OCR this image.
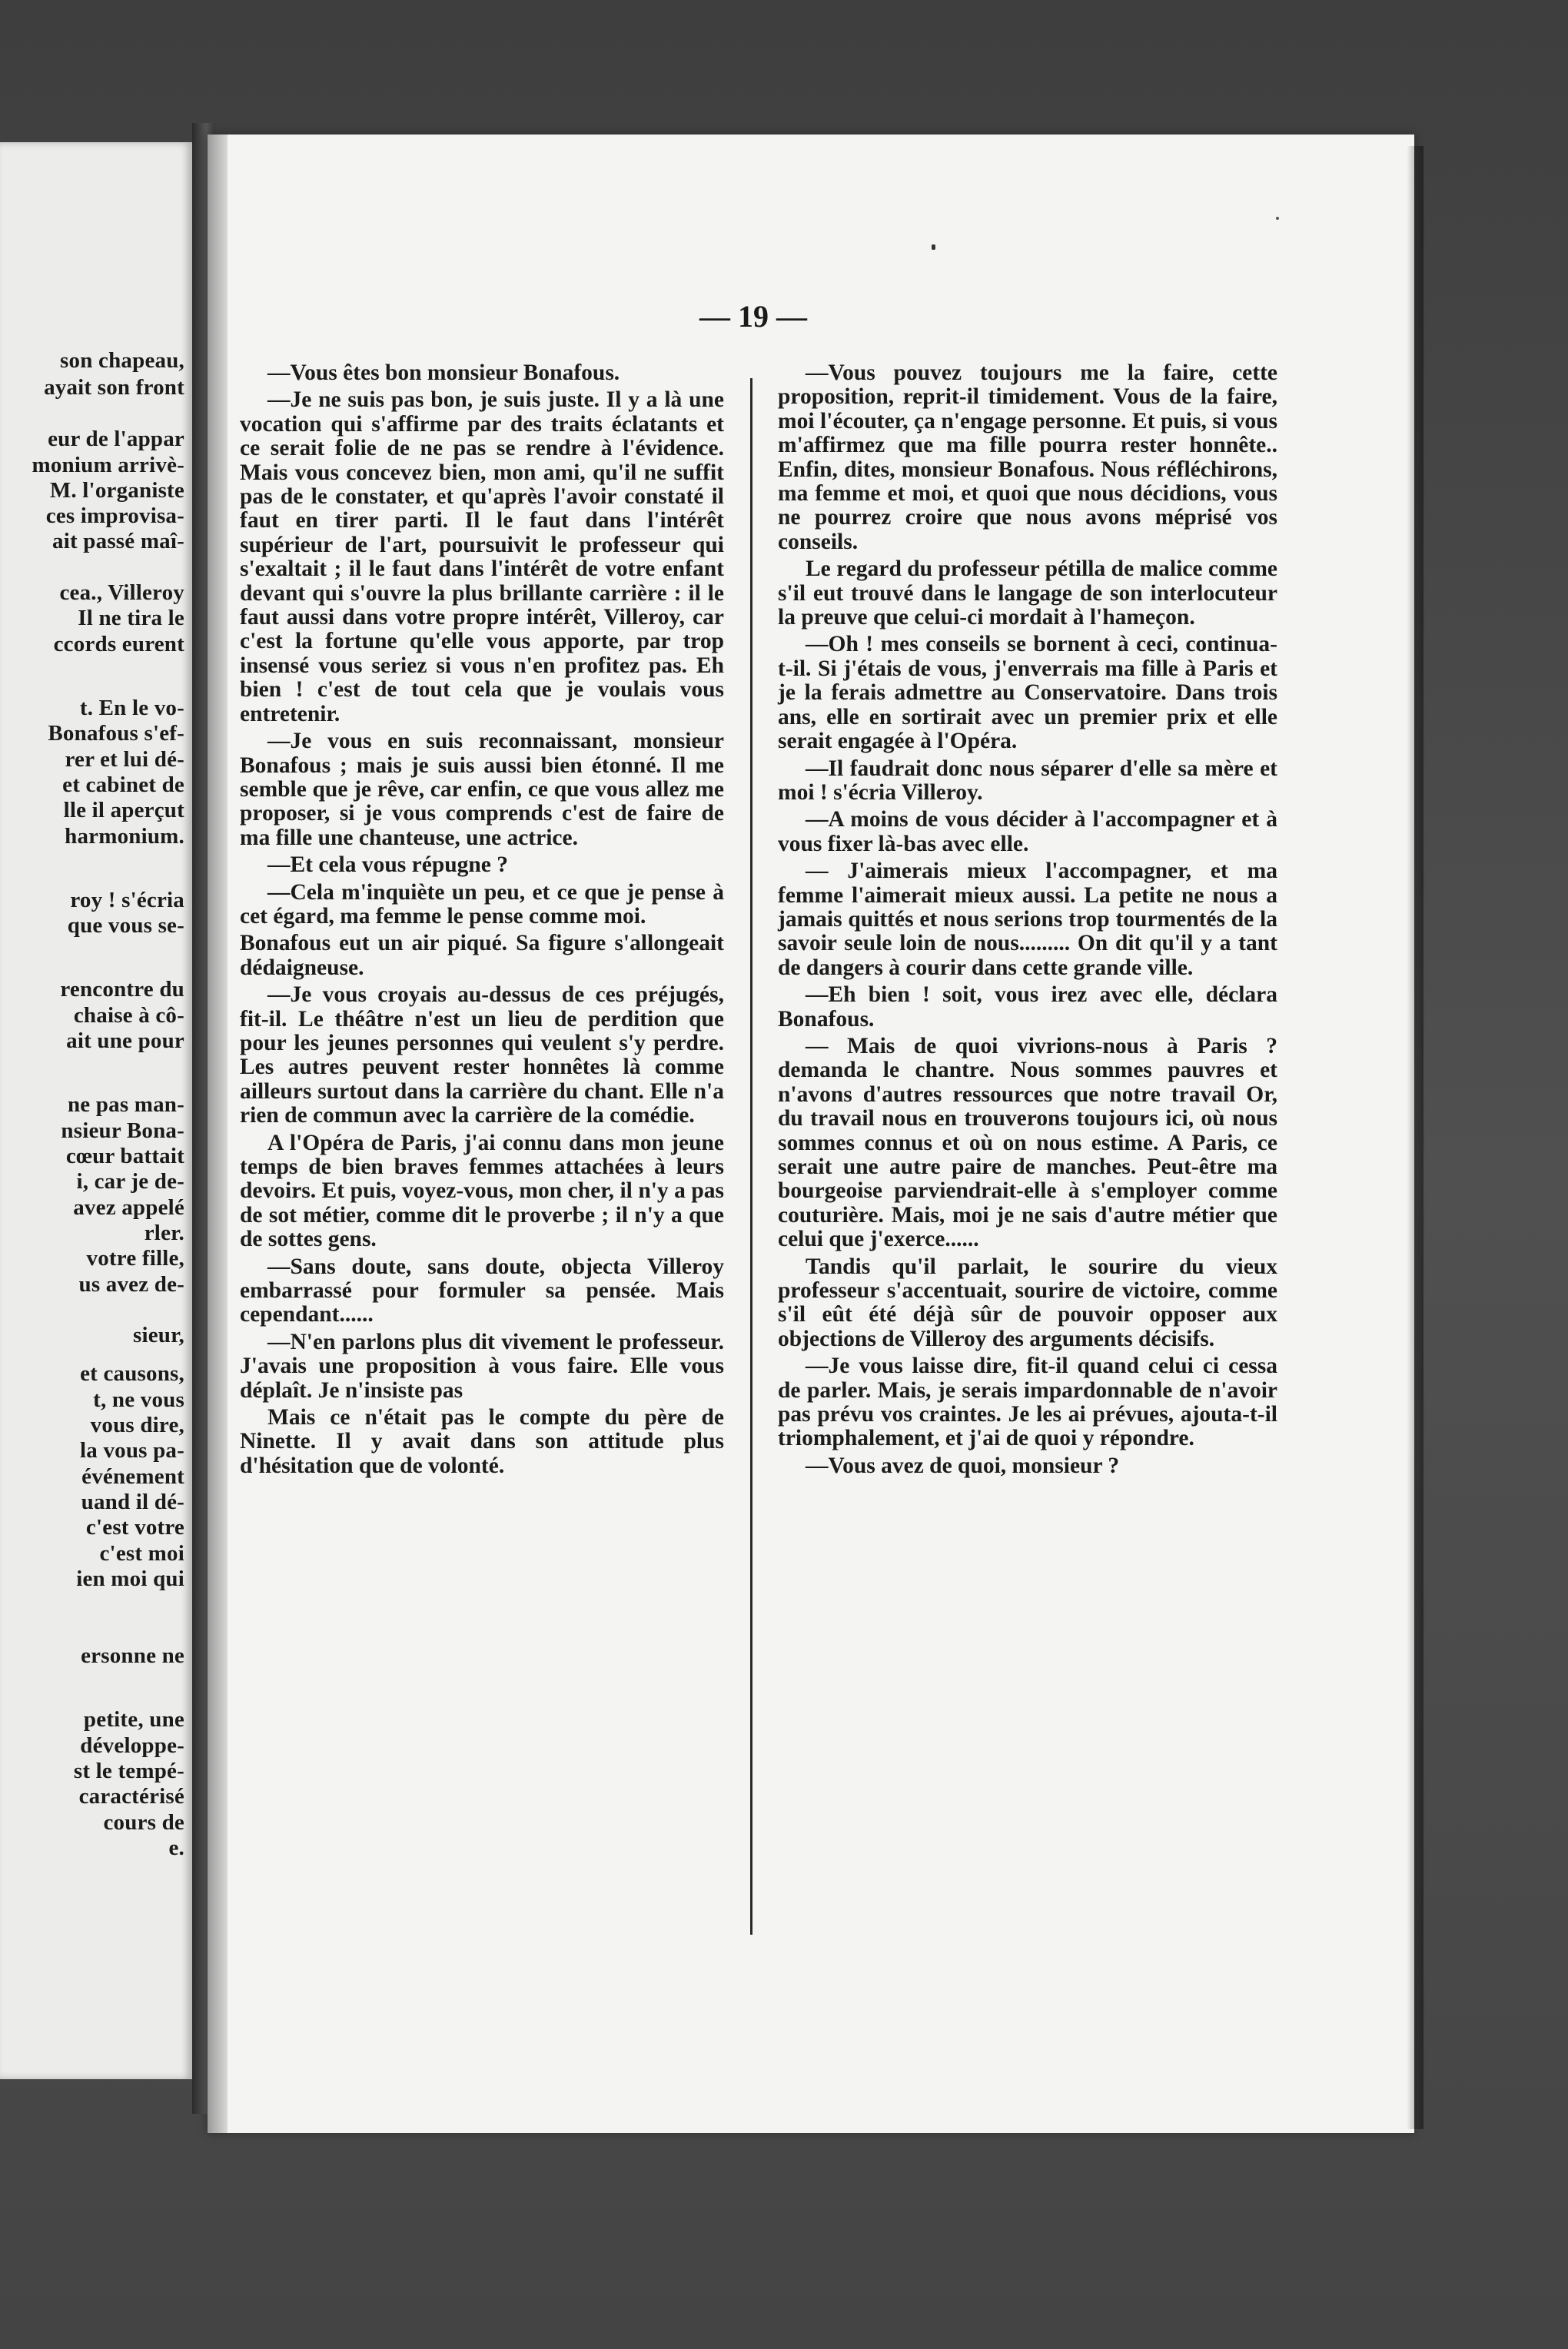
son chapeau,
ayait son front
eur de l'appar
monium arrivè-
M. l'organiste
ces improvisa-
ait passé maî-
cea., Villeroy
Il ne tira le
ccords eurent
t. En le vo-
Bonafous s'ef-
rer et lui dé-
et cabinet de
lle il aperçut
harmonium.
roy ! s'écria
que vous se-
rencontre du
chaise à cô-
ait une pour
ne pas man-
nsieur Bona-
cœur battait
i, car je de-
avez appelé
rler.
votre fille,
us avez de-
sieur,
et causons,
t, ne vous
vous dire,
la vous pa-
événement
uand il dé-
c'est votre
c'est moi
ien moi qui
ersonne ne
petite, une
développe-
st le tempé-
caractérisé
cours de
e.
— 19 —

—Vous êtes bon monsieur Bonafous.

—Je ne suis pas bon, je suis juste. Il y a là une vocation qui s'affirme par des traits éclatants et ce serait folie de ne pas se rendre à l'évidence. Mais vous concevez bien, mon ami, qu'il ne suffit pas de le constater, et qu'après l'avoir constaté il faut en tirer parti. Il le faut dans l'intérêt supérieur de l'art, poursuivit le professeur qui s'exaltait ; il le faut dans l'intérêt de votre enfant devant qui s'ouvre la plus brillante carrière : il le faut aussi dans votre propre intérêt, Villeroy, car c'est la fortune qu'elle vous apporte, par trop insensé vous seriez si vous n'en profitez pas. Eh bien ! c'est de tout cela que je voulais vous entretenir.

—Je vous en suis reconnaissant, monsieur Bonafous ; mais je suis aussi bien étonné. Il me semble que je rêve, car enfin, ce que vous allez me proposer, si je vous comprends c'est de faire de ma fille une chanteuse, une actrice.

—Et cela vous répugne ?

—Cela m'inquiète un peu, et ce que je pense à cet égard, ma femme le pense comme moi.

Bonafous eut un air piqué. Sa figure s'allongeait dédaigneuse.

—Je vous croyais au-dessus de ces préjugés, fit-il. Le théâtre n'est un lieu de perdition que pour les jeunes personnes qui veulent s'y perdre. Les autres peuvent rester honnêtes là comme ailleurs surtout dans la carrière du chant. Elle n'a rien de commun avec la carrière de la comédie.

A l'Opéra de Paris, j'ai connu dans mon jeune temps de bien braves femmes attachées à leurs devoirs. Et puis, voyez-vous, mon cher, il n'y a pas de sot métier, comme dit le proverbe ; il n'y a que de sottes gens.

—Sans doute, sans doute, objecta Villeroy embarrassé pour formuler sa pensée. Mais cependant......

—N'en parlons plus dit vivement le professeur. J'avais une proposition à vous faire. Elle vous déplaît. Je n'insiste pas

Mais ce n'était pas le compte du père de Ninette. Il y avait dans son attitude plus d'hésitation que de volonté.

—Vous pouvez toujours me la faire, cette proposition, reprit-il timidement. Vous de la faire, moi l'écouter, ça n'engage personne. Et puis, si vous m'affirmez que ma fille pourra rester honnête.. Enfin, dites, monsieur Bonafous. Nous réfléchirons, ma femme et moi, et quoi que nous décidions, vous ne pourrez croire que nous avons méprisé vos conseils.

Le regard du professeur pétilla de malice comme s'il eut trouvé dans le langage de son interlocuteur la preuve que celui-ci mordait à l'hameçon.

—Oh ! mes conseils se bornent à ceci, continua-t-il. Si j'étais de vous, j'enverrais ma fille à Paris et je la ferais admettre au Conservatoire. Dans trois ans, elle en sortirait avec un premier prix et elle serait engagée à l'Opéra.

—Il faudrait donc nous séparer d'elle sa mère et moi ! s'écria Villeroy.

—A moins de vous décider à l'accompagner et à vous fixer là-bas avec elle.

— J'aimerais mieux l'accompagner, et ma femme l'aimerait mieux aussi. La petite ne nous a jamais quittés et nous serions trop tourmentés de la savoir seule loin de nous......... On dit qu'il y a tant de dangers à courir dans cette grande ville.

—Eh bien ! soit, vous irez avec elle, déclara Bonafous.

— Mais de quoi vivrions-nous à Paris ? demanda le chantre. Nous sommes pauvres et n'avons d'autres ressources que notre travail Or, du travail nous en trouverons toujours ici, où nous sommes connus et où on nous estime. A Paris, ce serait une autre paire de manches. Peut-être ma bourgeoise parviendrait-elle à s'employer comme couturière. Mais, moi je ne sais d'autre métier que celui que j'exerce......

Tandis qu'il parlait, le sourire du vieux professeur s'accentuait, sourire de victoire, comme s'il eût été déjà sûr de pouvoir opposer aux objections de Villeroy des arguments décisifs.

—Je vous laisse dire, fit-il quand celui ci cessa de parler. Mais, je serais impardonnable de n'avoir pas prévu vos craintes. Je les ai prévues, ajouta-t-il triomphalement, et j'ai de quoi y répondre.

—Vous avez de quoi, monsieur ?
